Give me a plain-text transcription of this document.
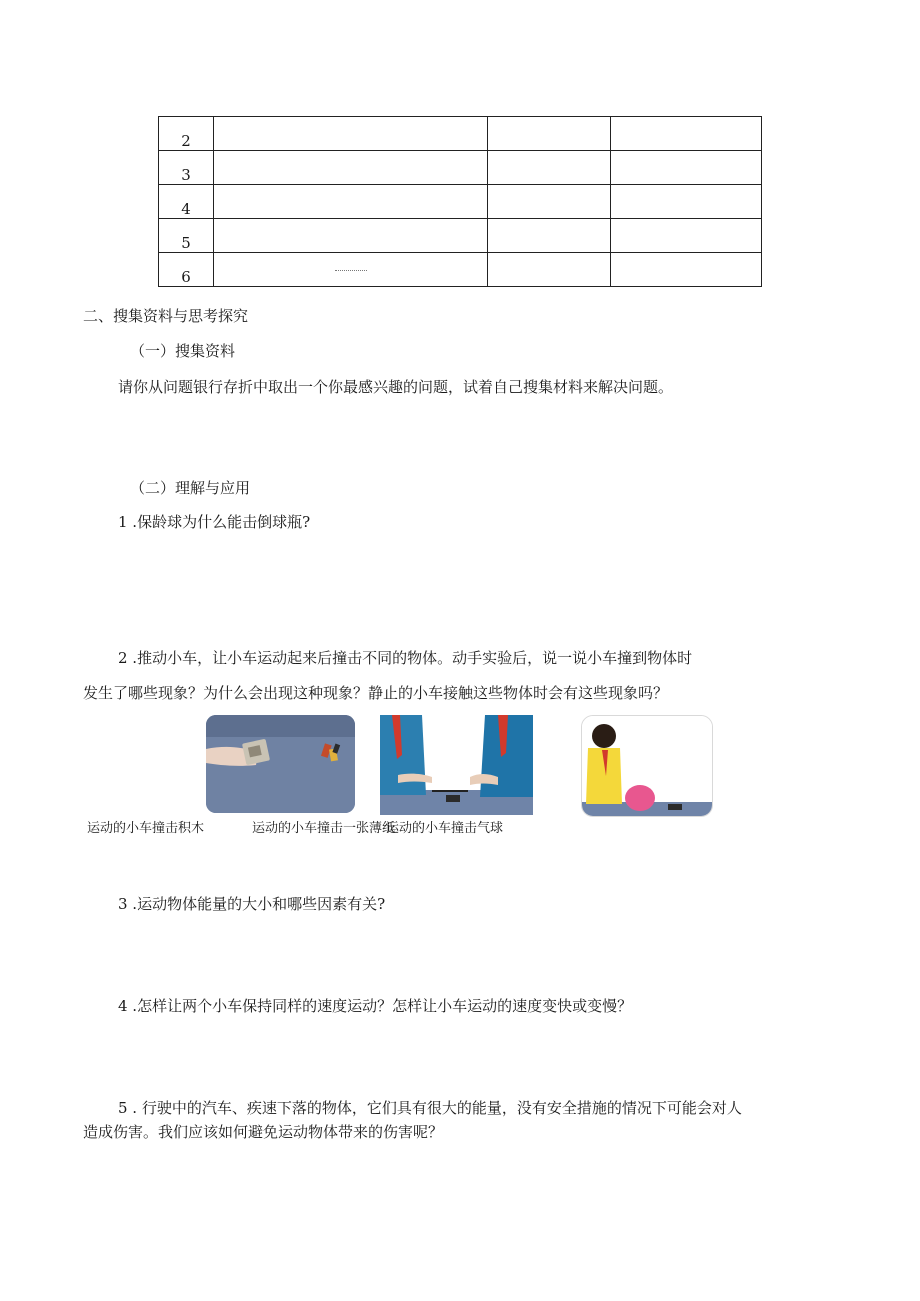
2			
3			
4			
5			
6	

二、搜集资料与思考探究
（一）搜集资料
请你从问题银行存折中取出一个你最感兴趣的问题，试着自己搜集材料来解决问题。
（二）理解与应用
1 .保龄球为什么能击倒球瓶?
2 .推动小车，让小车运动起来后撞击不同的物体。动手实验后，说一说小车撞到物体时
发生了哪些现象？为什么会出现这种现象？静止的小车接触这些物体时会有这些现象吗？
运动的小车撞击积木	运动的小车撞击一张薄纸
运动的小车撞击气球
3 .运动物体能量的大小和哪些因素有关?
4 .怎样让两个小车保持同样的速度运动？怎样让小车运动的速度变快或变慢？
5 . 行驶中的汽车、疾速下落的物体，它们具有很大的能量，没有安全措施的情况下可能会对人
造成伤害。我们应该如何避免运动物体带来的伤害呢？
